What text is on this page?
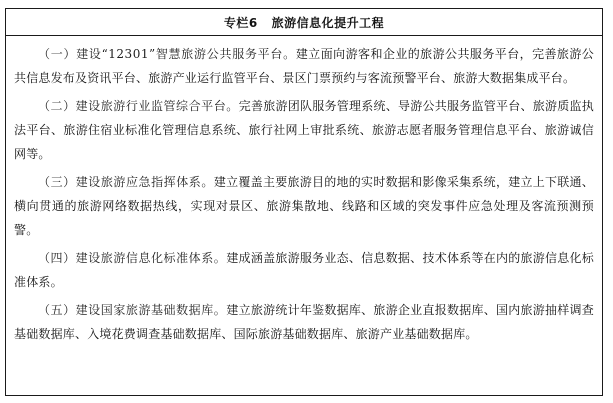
专栏6 旅游信息化提升工程

（一）建设“12301”智慧旅游公共服务平台。建立面向游客和企业的旅游公共服务平台，完善旅游公共信息发布及资讯平台、旅游产业运行监管平台、景区门票预约与客流预警平台、旅游大数据集成平台。

（二）建设旅游行业监管综合平台。完善旅游团队服务管理系统、导游公共服务监管平台、旅游质监执法平台、旅游住宿业标准化管理信息系统、旅行社网上审批系统、旅游志愿者服务管理信息平台、旅游诚信网等。

（三）建设旅游应急指挥体系。建立覆盖主要旅游目的地的实时数据和影像采集系统，建立上下联通、横向贯通的旅游网络数据热线，实现对景区、旅游集散地、线路和区域的突发事件应急处理及客流预测预警。

（四）建设旅游信息化标准体系。建成涵盖旅游服务业态、信息数据、技术体系等在内的旅游信息化标准体系。

（五）建设国家旅游基础数据库。建立旅游统计年鉴数据库、旅游企业直报数据库、国内旅游抽样调查基础数据库、入境花费调查基础数据库、国际旅游基础数据库、旅游产业基础数据库。
